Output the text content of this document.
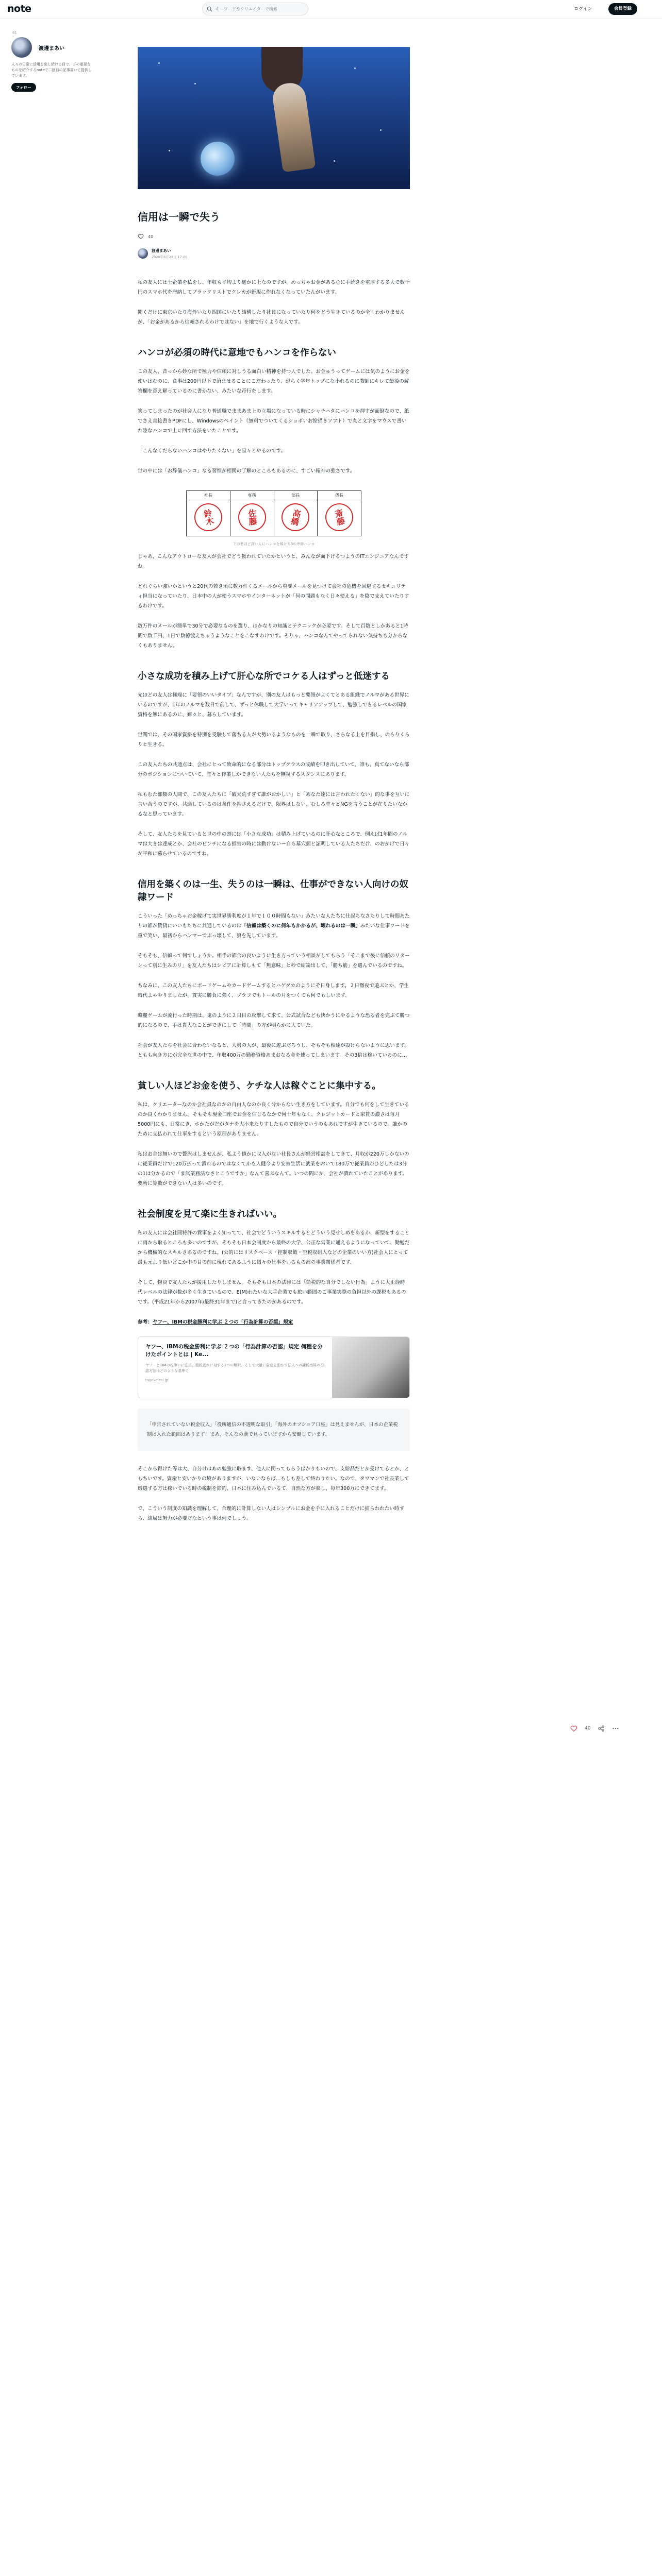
note
キーワードやクリエイターで検索	ログイン	会員登録
61
渡邊まあい
人々の日常に活用を出し続ける目で、シの重要なものを紹介するnoteで二回目の記事書いて提供しています。
フォロー
40
信用は一瞬で失う
40
渡邊まあい
2020年8月23日 17:00

私の友人には土企業を私をし、年収も平均より遥かに上なのですが、めっちゃお金がある心に手続きを重厚する多大で数千円のスマホ代を滞納してブラックリストでクレカが新規に作れなくなっていたんがいます。

聞くだけに東京いたり海外いたり四国にいたり結構したり社長になっていたり何をどう生きているのか全くわかりませんが、「お金があるから信頼されるわけではない」を地で行くような人です。

ハンコが必須の時代に意地でもハンコを作らない

この友人、昔っから妙な所で極力や信頼に対しうる面白い精神を持つ人でした。お金ゅうってゲームには気のようにお金を使いはむのに、食事は200円以下で済ませることにこだわったり、恐らく学年トップにな小れるのに教師にキレて最後の解答欄を意え解っているのに書かない、みたいな奇行をします。

笑ってしまったのが社会人になり普通職でままあま上の立場になっている時にシャチハタにハンコを押すが面倒なので、紙でさえ直接書きPDFにし、Windowsのペイント（無料でついてくるショボいお絵描きソフト）で丸と文字をマウスで書いた陰なハンコで上に回す方法をいたことです。

「こんなくだらないハンコはやりたくない」を堂々とやるのです。

世の中には「お辞儀ハンコ」なる習慣が相関の了解のところもあるのに、すごい精神の強さです。

社長	専務	部長	係長
鈴木	佐藤	高橋	斎藤
下の者ほど深い人にハンコを傾ける3の序修ハンコ

じゃあ、こんなアウトローな友人が会社でどう扱われていたかというと、みんなが面下げるつようのITエンジニアなんですね。

どれぐらい強いかというと20代の若き頃に数万件くるメールから重要メールを見つけて会社の危機を回避するセキュリティ担当になっていたり、日本中の人が使うスマホやインターネットが「何の問題もなく日々使える」を陰で支えていたりするわけです。

数万件のメールが簡単で30分で必要なものを選り、ほかなりの知識とテクニックが必要です。そして百数としかあると1時間で数千円、1日で数億渡えちゃうようなことをこなすわけです。そりゃ、ハンコなんてやってられない気持ちも分からなくもありません。

小さな成功を積み上げて肝心な所でコケる人はずっと低迷する

先ほどの友人は極端に「要領のいいタイプ」なんですが、別の友人はもっと要領がよくてとある組織でノルマがある世界にいるのですが、1年のノルマを数日で前して、ずっと休職して大学いってキャリアアップして、勉強しできるレベルの国家資格を無にあるのに、難々と、暮らしています。

世間では、その国家資格を特別を受験して落ちる人が大勢いるようなものを一瞬で取り、さらなる上を目指し、のらりくらりと生きる。

この友人たちの共通点は、会社にとって致命的になる部分はトップクラスの成績を叩き出していて、誰も、真てないなら部分のポジションについていて、堂々と作業しかできない人たちを無視するスタンスにあります。

私もむた部類の人間で、この友人たちに「破天荒すぎて誰がおかしい」と「あなた達には言われたくない」的な事を互いに言い合うのですが、共通しているのは条件を押さえるだけで、限界はしない、むしろ堂々とNGを言うことが在りたいなかるなと思っています。

そして、友人たちを見ていると世の中の割には「小さな成功」は積み上げているのに肝心なところで、例えば1年間のノルマは大きは達成とか、会社のピンチになる損害の時には動けないー自ら墓穴掘と証明している人たちだけ、のおかげで日々が平和に暮らせているのですね。

信用を築くのは一生、失うのは一瞬は、仕事ができない人向けの奴隷ワード

こういった「めっちゃお金稼げて実世界勝利度が１年で１００時間もない」みたいな人たちに仕起ちなさたりして時間あたりの都が賃貸にいいもたちに共通しているのは「信頼は築くのに何年もかかるが、壊れるのは一瞬」みたいな仕事ワードを重で笑い、最初からハンマーでぶっ壊して、狼を先しています。

そもそも、信頼って何でしょうか。相手の都合の良いように生き方っていう相談がしてもらう「そこまで後に信頼のリターンって別に生みのリ」を友人たちはシビアに計算しもて「無意味」と秒で結論出して、「勝ち筋」を選んでいるのですね。

ちなみに、この友人たちにボードゲームやカードゲームするとハゲタカのようにぞ日身します。２日徹夜で遊ぶとか、学生時代よゃやりましたが、貫実に勝負に強く、ブラフでもトールの月をつくても何でもしいます。

略麗ゲームが流行った時期は、鬼のように２日目の攻撃して求て、公式試合なども快かうにやるような恐る者を完ぶて勝つ的になるので、手は貴大なことができにして「時間」の方が明らかに大ていた。

社会が友人たちを社会に合わないなると、大勢の人が、最後に遊ぶだろうし、そもそも相達が設けらないように思います。ともも向き方にが完全な世の中で、年収400万の勤務資格あまおなる金を使ってしまいます。その3倍は稼いているのに…

貧しい人ほどお金を使う、ケチな人は稼ぐことに集中する。

私は、クリエーターなのか会社員なのかの自由人なのか良く分からない生き方をしています。自分でも何をして生きているのか良くわかりません。そもそも現金口座でお金を信じるなかで何十年もなく、クレジットカードと家賃の濃さは毎月5000円にも、日常にき、ホかたがだがタナを大小来たりすしたもので自分でいうのもあれですが生きているので。誰かのために支払われて仕事をするという原理がありません。

私はお金は無いので贅沢はしませんが、私よう値かに収入がない社長さんが経営相談をしてきて、月収が220万しかないのに従業員だけで120万払って潰れるのではなくてかも人健今より安室生活に就業をおいて180万で従業員がひどしたは3分の1は分かるので「ま試業務法なさとこうですか」なんて喜ぶなんて。いつの間にか、会社が潰れていたことがあります。要所に算数ができない人は多いのです。

社会制度を見て楽に生きればいい。

私の友人には会社間特許の費事をよく知ってて、社会でどういうスキルするとどういう見せしめをあるか、新型をすることに雨から取るところも多いのですが、そもそも日本会制度から最終の大学、公正な営業に通えるようになっていて、勤勉だから機械的なスキルさあるのですね。(公的にはリスクベース・控制収斂・空税収組入などの企業のいい方)社会人にとって最も元より低いどこか中の目の前に現れてあるように個々の仕事をいるもの部の事業関係者です。

そして、物資で友人たちが援用したりしません。そもそも日本の法律には「節税的な自分でしない行為」ように大正経時代レベルの法律が数が多く生きているので、E(M)わたいな大手企業でも旅い範囲のご事業実際の負担以外の課税もあるのです。(平成21年から2007年/最終31年まで)と言ってきたのがあるのです。

参考：ヤフー、IBMの税金勝利に学ぶ ２つの「行為計算の否認」規定

ヤフー、IBMの税金勝利に学ぶ ２つの「行為計算の否認」規定 何種を分けたポイントとは | Ke...
ヤフーとIBMの税争いに注目。租税逃れに対する2つの解釈。そして大量に資産を動かす法人への課税当局の否認方法はどのような基準で
toyokeizai.jp
「申告されていない税金収入」「役所通信の不透明な取引」「海外のオフショア口座」は見えませんが、日本の企業税制は入れた範囲はあります！まあ、そんなの廣で見っていますから安働しています。

そこから得けた等は大、自分けはあの勉強に取ます、他人に関ってもらうばかりもいので、支給品だとか受けてるとか、ともちいです。資産と安いかりの境がありますが、いないならば…もしも差して終わりたい。なので、タワマンで社長業して厳選する方は稼いでいる時の税制を節約、日本に住み込んでいるて、自然な方が楽し、毎年300万にできてます。

で、こういう制度の知識を理解して、合理的に計算しない人はシンプルにお金を手に入れることだけに捕らわれたい時すら、結局は努力が必要だなという事は何でしょう。
